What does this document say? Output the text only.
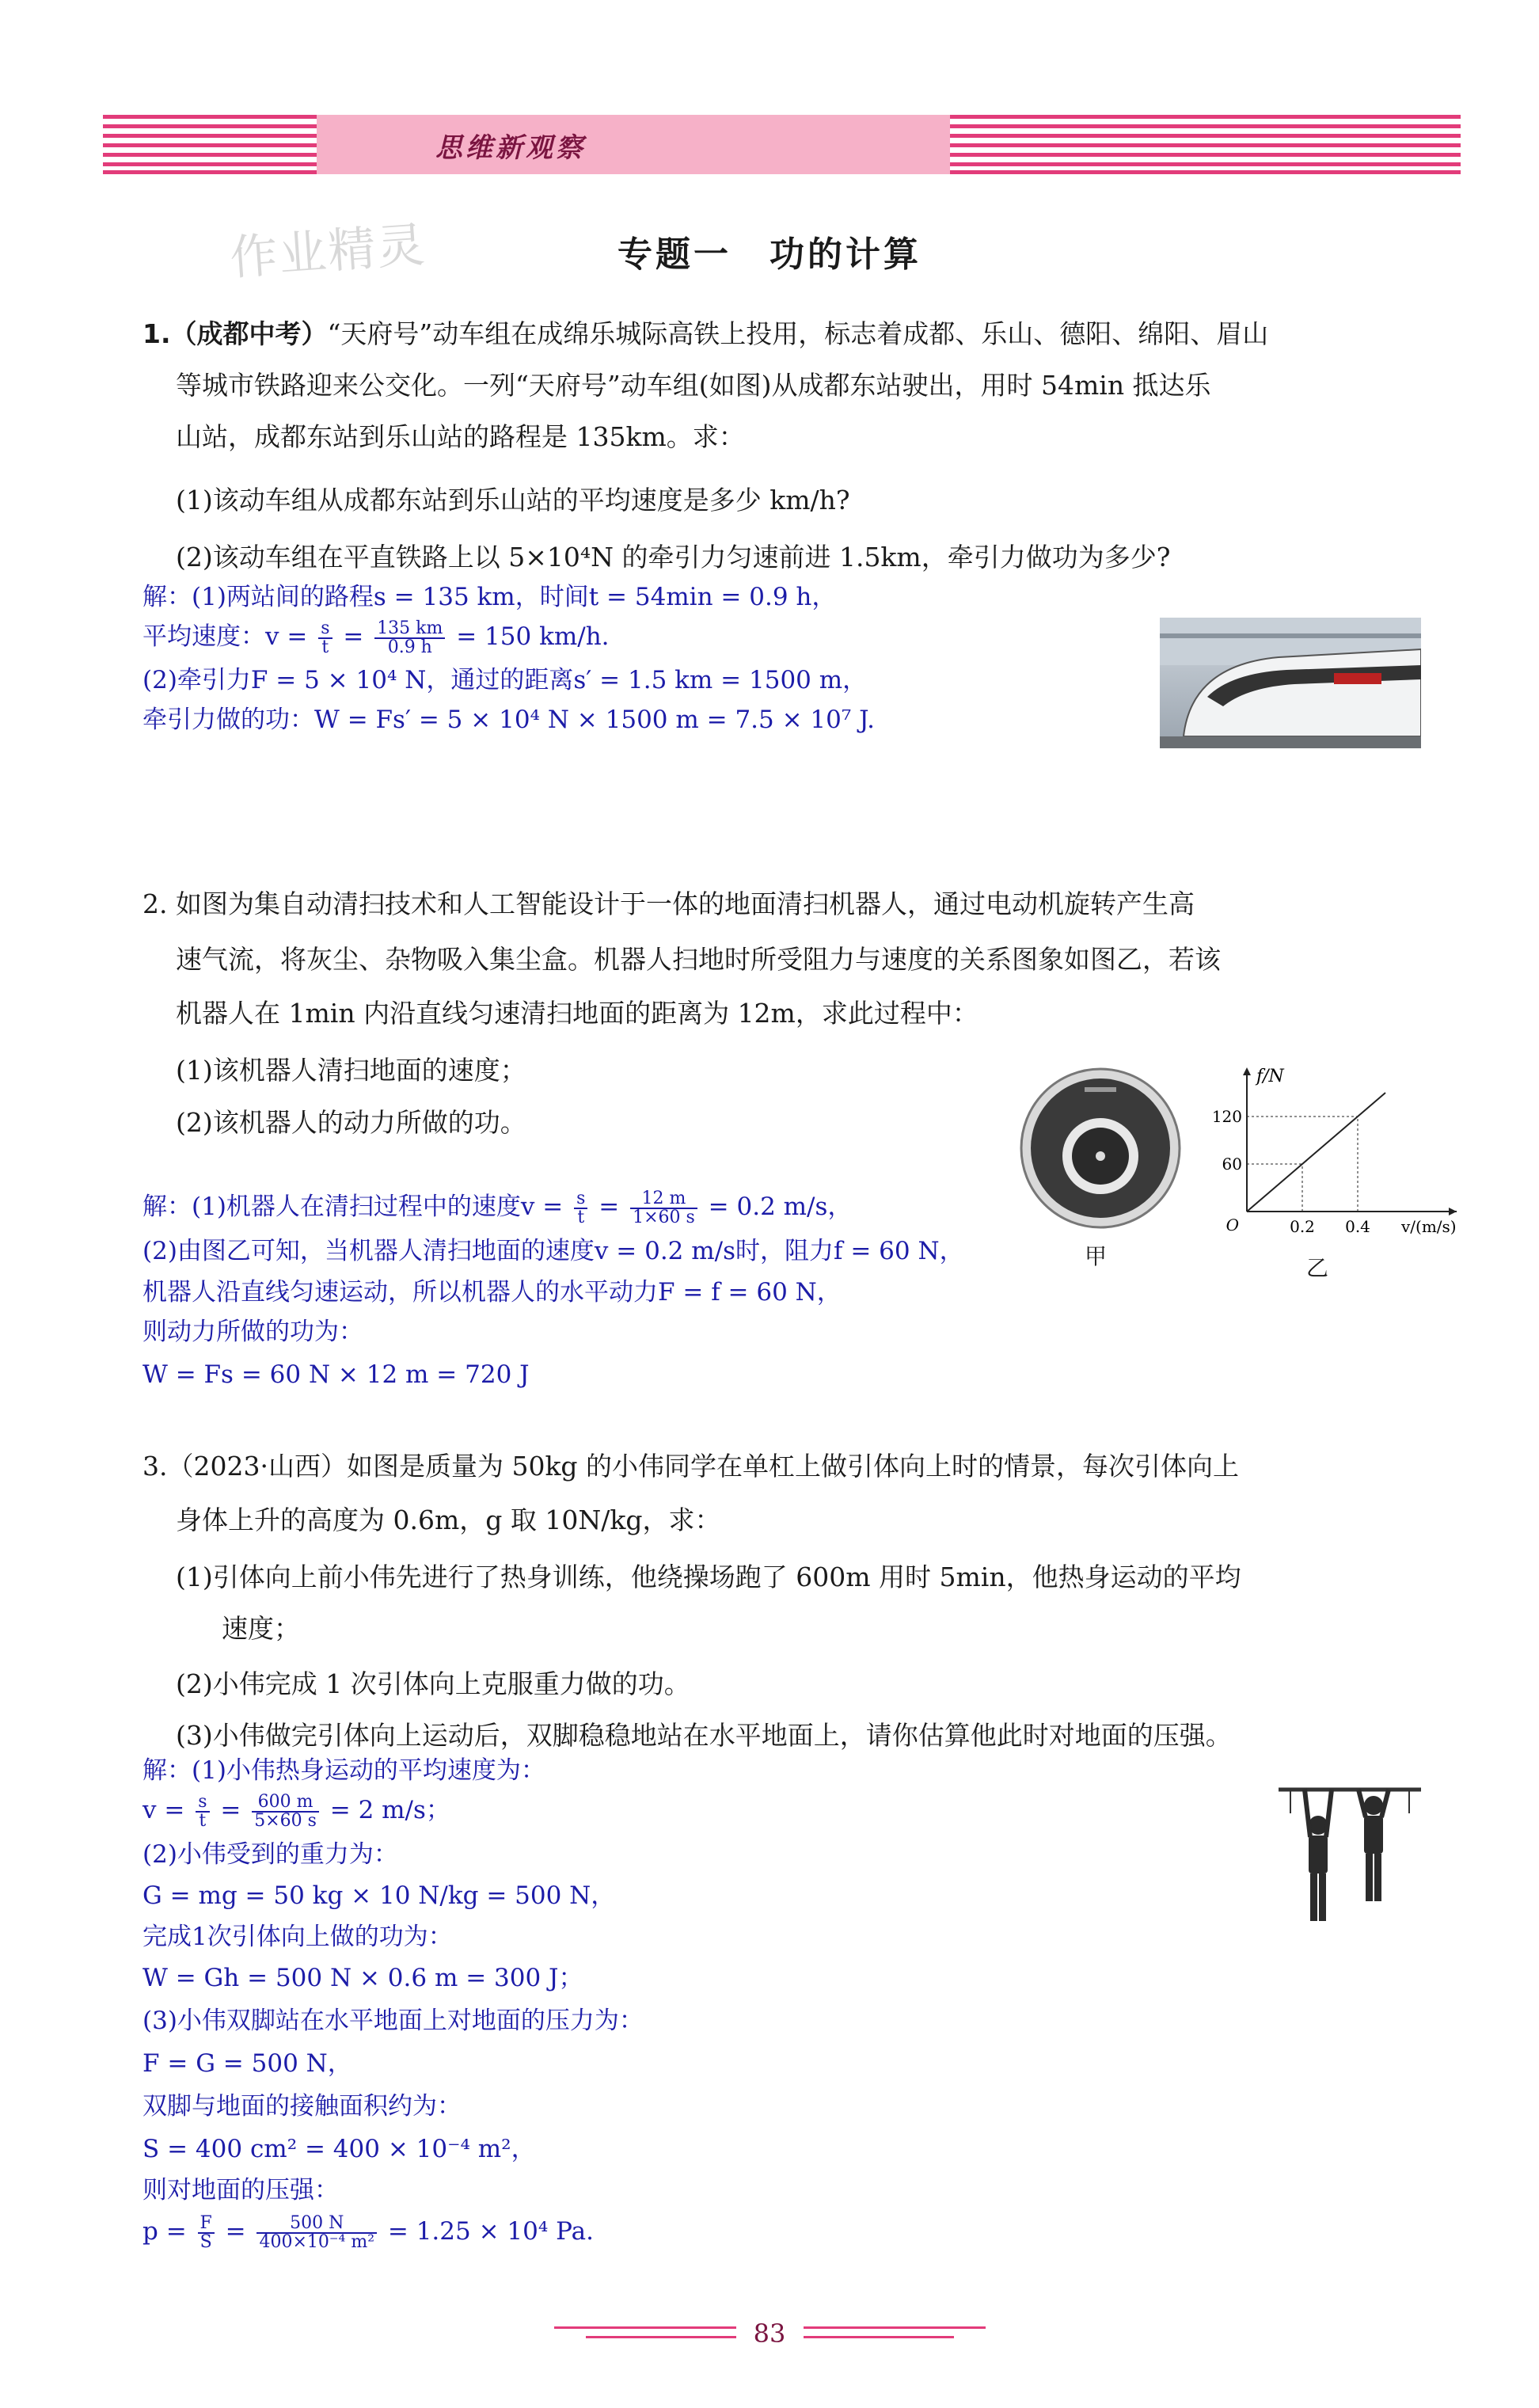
思维新观察
作业精灵	专题一　功的计算
1.（成都中考）“天府号”动车组在成绵乐城际高铁上投用，标志着成都、乐山、德阳、绵阳、眉山
等城市铁路迎来公交化。一列“天府号”动车组(如图)从成都东站驶出，用时 54min 抵达乐
山站，成都东站到乐山站的路程是 135km。求：
(1)该动车组从成都东站到乐山站的平均速度是多少 km/h?
(2)该动车组在平直铁路上以 5×10⁴N 的牵引力匀速前进 1.5km，牵引力做功为多少?
解：(1)两站间的路程s = 135 km，时间t = 54min = 0.9 h，
平均速度：$v = \frac{s}{t} = \frac{135 km}{0.9 h} = 150$ km/h.
(2)牵引力F = 5 × 10⁴ N，通过的距离s′ = 1.5 km = 1500 m，
牵引力做的功：W = Fs′ = 5 × 10⁴ N × 1500 m = 7.5 × 10⁷ J.
2. 如图为集自动清扫技术和人工智能设计于一体的地面清扫机器人，通过电动机旋转产生高
速气流，将灰尘、杂物吸入集尘盒。机器人扫地时所受阻力与速度的关系图象如图乙，若该
机器人在 1min 内沿直线匀速清扫地面的距离为 12m，求此过程中：
(1)该机器人清扫地面的速度；
(2)该机器人的动力所做的功。
甲
0.2
60
0.4
120
O
f/N
v/(m/s)
乙
解：(1)机器人在清扫过程中的速度$v = \frac{s}{t} = \frac{12 m}{1\times 60 s} = 0.2$ m/s，
(2)由图乙可知，当机器人清扫地面的速度v = 0.2 m/s时，阻力f = 60 N，
机器人沿直线匀速运动，所以机器人的水平动力F = f = 60 N，
则动力所做的功为：
W = Fs = 60 N × 12 m = 720 J
3.（2023·山西）如图是质量为 50kg 的小伟同学在单杠上做引体向上时的情景，每次引体向上
身体上升的高度为 0.6m，g 取 10N/kg，求：
(1)引体向上前小伟先进行了热身训练，他绕操场跑了 600m 用时 5min，他热身运动的平均
速度；
(2)小伟完成 1 次引体向上克服重力做的功。
(3)小伟做完引体向上运动后，双脚稳稳地站在水平地面上，请你估算他此时对地面的压强。
解：(1)小伟热身运动的平均速度为：
$v = \frac{s}{t} = \frac{600 m}{5\times 60 s} = 2$ m/s；
(2)小伟受到的重力为：
G = mg = 50 kg × 10 N/kg = 500 N，
完成1次引体向上做的功为：
W = Gh = 500 N × 0.6 m = 300 J；
(3)小伟双脚站在水平地面上对地面的压力为：
F = G = 500 N，
双脚与地面的接触面积约为：
S = 400 cm² = 400 × 10⁻⁴ m²，
则对地面的压强：
$p = \frac{F}{S} = \frac{500 N}{\text{400×10⁻⁴ m²}} = 1.25 \times 10^4$ Pa.
83
